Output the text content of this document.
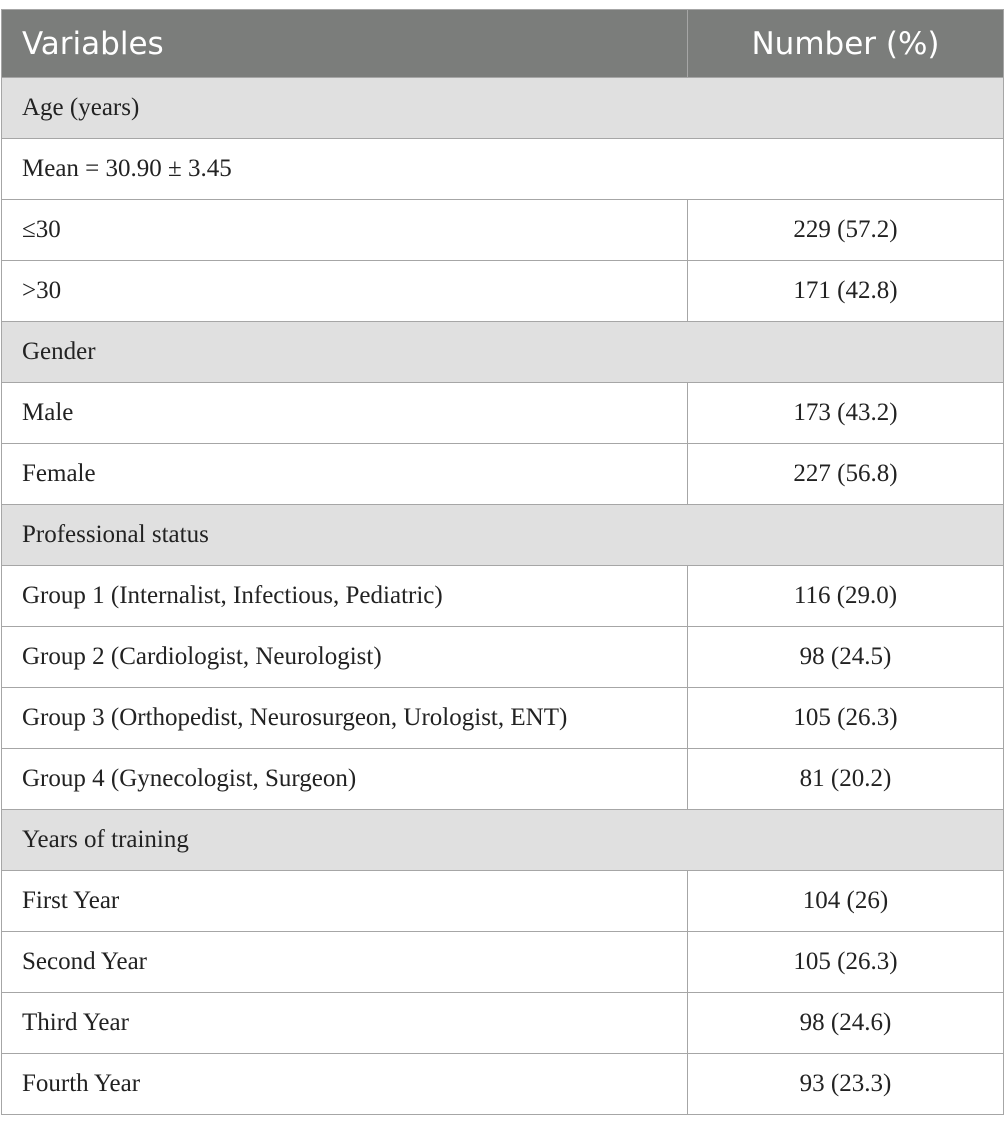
Variables	Number (%)
Age (years)	
Mean = 30.90 ± 3.45	
≤30	229 (57.2)
>30	171 (42.8)
Gender	
Male	173 (43.2)
Female	227 (56.8)
Professional status	
Group 1 (Internalist, Infectious, Pediatric)	116 (29.0)
Group 2 (Cardiologist, Neurologist)	98 (24.5)
Group 3 (Orthopedist, Neurosurgeon, Urologist, ENT)	105 (26.3)
Group 4 (Gynecologist, Surgeon)	81 (20.2)
Years of training	
First Year	104 (26)
Second Year	105 (26.3)
Third Year	98 (24.6)
Fourth Year	93 (23.3)
